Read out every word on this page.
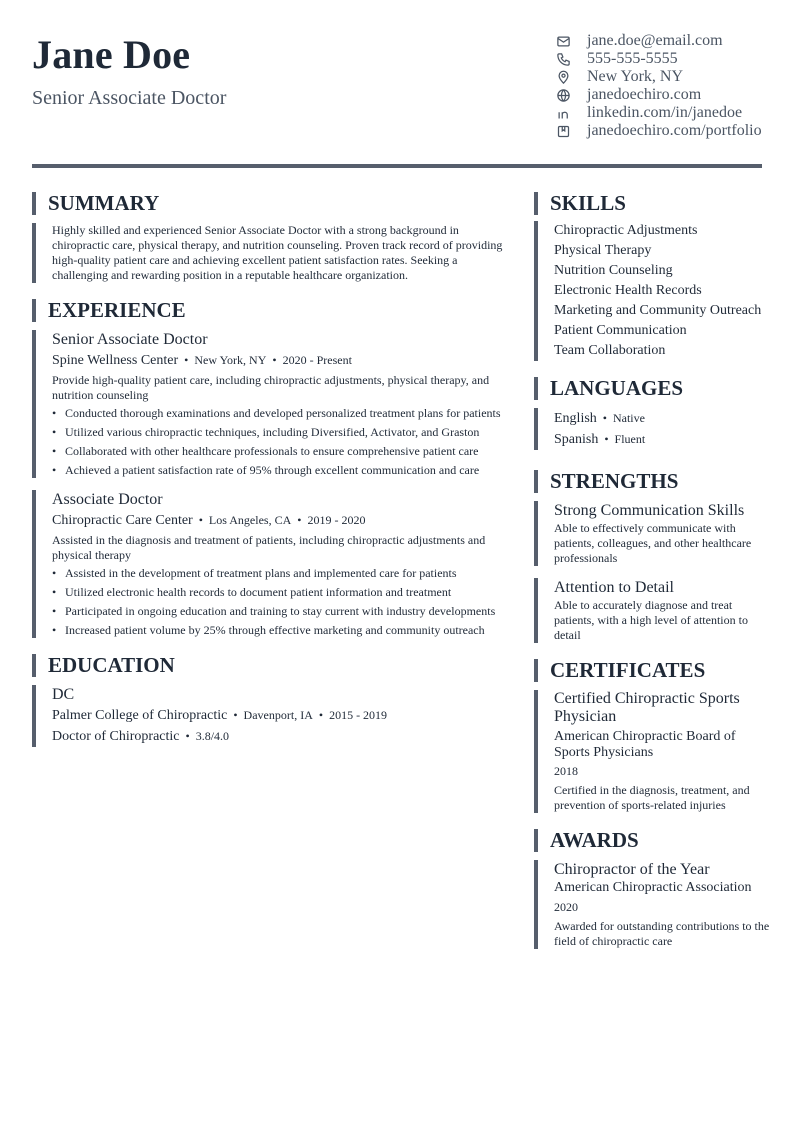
Jane Doe
Senior Associate Doctor
jane.doe@email.com
555-555-5555
New York, NY
janedoechiro.com
linkedin.com/in/janedoe
janedoechiro.com/portfolio
SUMMARY
Highly skilled and experienced Senior Associate Doctor with a strong background in chiropractic care, physical therapy, and nutrition counseling. Proven track record of providing high-quality patient care and achieving excellent patient satisfaction rates. Seeking a challenging and rewarding position in a reputable healthcare organization.
EXPERIENCE
Senior Associate Doctor
Spine Wellness Center • New York, NY • 2020 - Present
Provide high-quality patient care, including chiropractic adjustments, physical therapy, and nutrition counseling
• Conducted thorough examinations and developed personalized treatment plans for patients
• Utilized various chiropractic techniques, including Diversified, Activator, and Graston
• Collaborated with other healthcare professionals to ensure comprehensive patient care
• Achieved a patient satisfaction rate of 95% through excellent communication and care
Associate Doctor
Chiropractic Care Center • Los Angeles, CA • 2019 - 2020
Assisted in the diagnosis and treatment of patients, including chiropractic adjustments and physical therapy
• Assisted in the development of treatment plans and implemented care for patients
• Utilized electronic health records to document patient information and treatment
• Participated in ongoing education and training to stay current with industry developments
• Increased patient volume by 25% through effective marketing and community outreach
EDUCATION
DC
Palmer College of Chiropractic • Davenport, IA • 2015 - 2019
Doctor of Chiropractic • 3.8/4.0
SKILLS
Chiropractic Adjustments
Physical Therapy
Nutrition Counseling
Electronic Health Records
Marketing and Community Outreach
Patient Communication
Team Collaboration
LANGUAGES
English • Native
Spanish • Fluent
STRENGTHS
Strong Communication Skills
Able to effectively communicate with patients, colleagues, and other healthcare professionals
Attention to Detail
Able to accurately diagnose and treat patients, with a high level of attention to detail
CERTIFICATES
Certified Chiropractic Sports Physician
American Chiropractic Board of Sports Physicians
2018
Certified in the diagnosis, treatment, and prevention of sports-related injuries
AWARDS
Chiropractor of the Year
American Chiropractic Association
2020
Awarded for outstanding contributions to the field of chiropractic care
